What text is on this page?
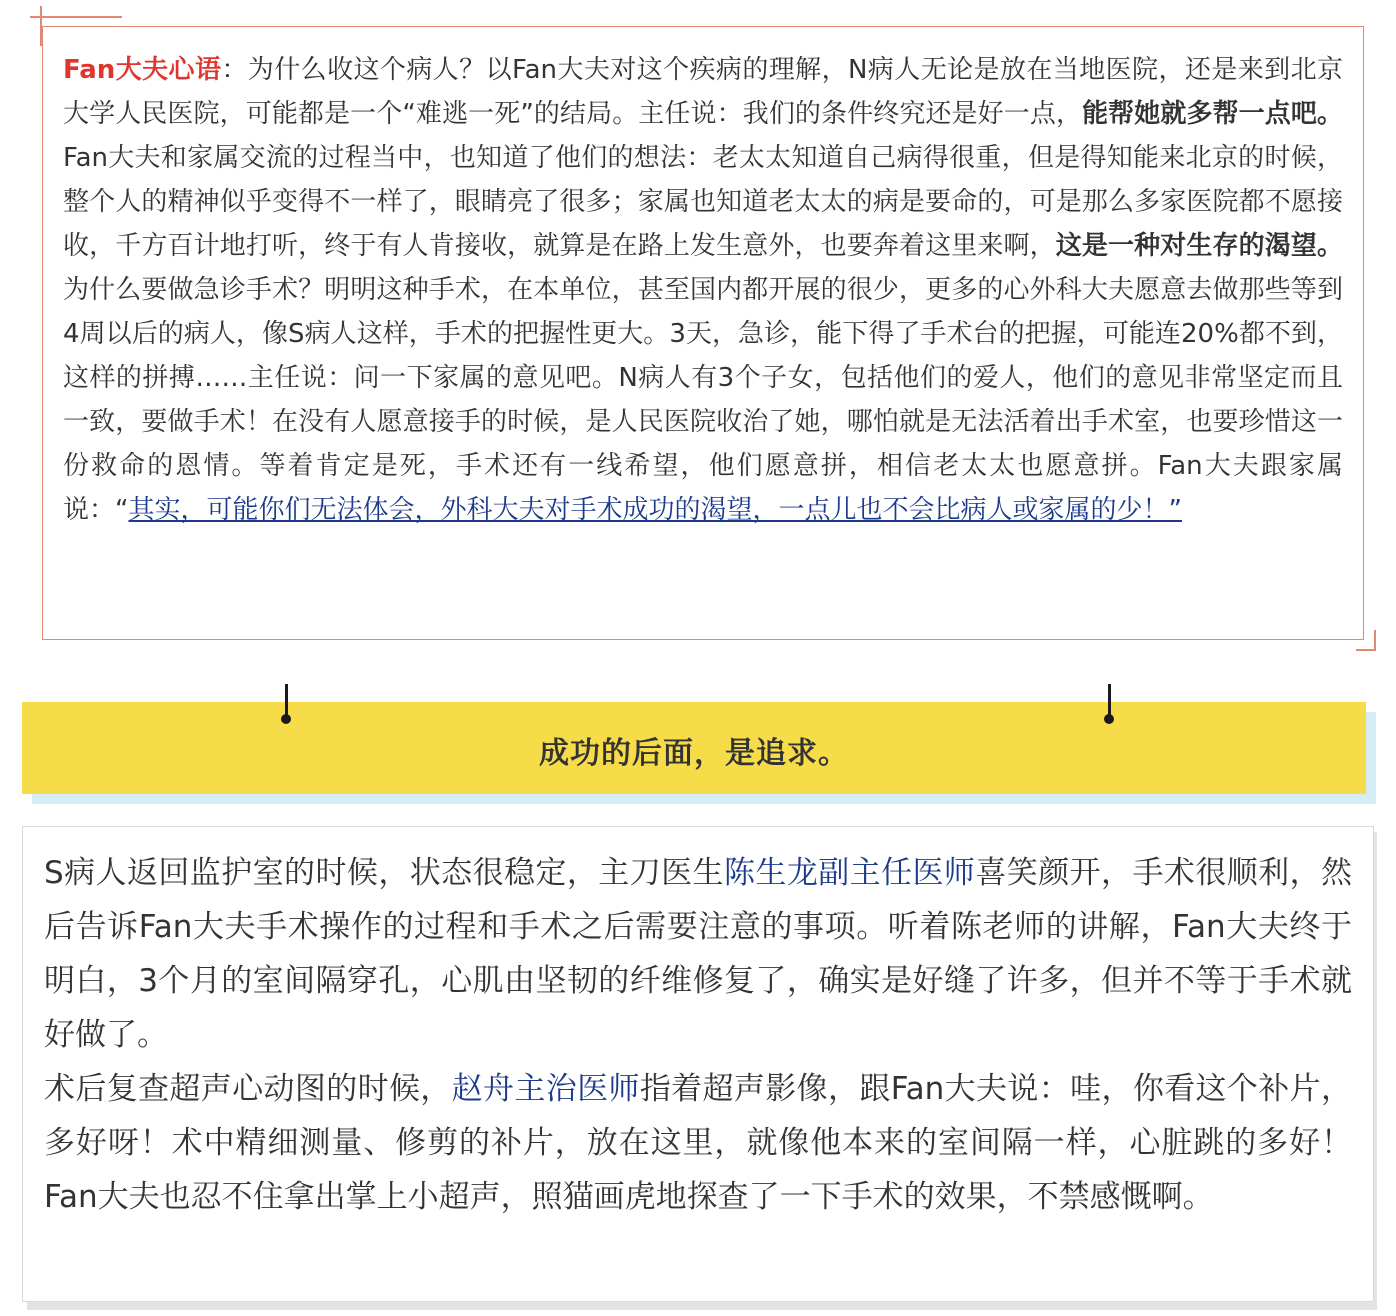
Fan大夫心语：为什么收这个病人？以Fan大夫对这个疾病的理解，N病人无论是放在当地医院，还是来到北京大学人民医院，可能都是一个“难逃一死”的结局。主任说：我们的条件终究还是好一点，能帮她就多帮一点吧。Fan大夫和家属交流的过程当中，也知道了他们的想法：老太太知道自己病得很重，但是得知能来北京的时候，整个人的精神似乎变得不一样了，眼睛亮了很多；家属也知道老太太的病是要命的，可是那么多家医院都不愿接收，千方百计地打听，终于有人肯接收，就算是在路上发生意外，也要奔着这里来啊，这是一种对生存的渴望。为什么要做急诊手术？明明这种手术，在本单位，甚至国内都开展的很少，更多的心外科大夫愿意去做那些等到4周以后的病人，像S病人这样，手术的把握性更大。3天，急诊，能下得了手术台的把握，可能连20%都不到，这样的拼搏……主任说：问一下家属的意见吧。N病人有3个子女，包括他们的爱人，他们的意见非常坚定而且一致，要做手术！在没有人愿意接手的时候，是人民医院收治了她，哪怕就是无法活着出手术室，也要珍惜这一份救命的恩情。等着肯定是死，手术还有一线希望，他们愿意拼，相信老太太也愿意拼。Fan大夫跟家属说：“其实，可能你们无法体会，外科大夫对手术成功的渴望，一点儿也不会比病人或家属的少！”

成功的后面，是追求。
S病人返回监护室的时候，状态很稳定，主刀医生陈生龙副主任医师喜笑颜开，手术很顺利，然后告诉Fan大夫手术操作的过程和手术之后需要注意的事项。听着陈老师的讲解，Fan大夫终于明白，3个月的室间隔穿孔，心肌由坚韧的纤维修复了，确实是好缝了许多，但并不等于手术就好做了。
术后复查超声心动图的时候，赵舟主治医师指着超声影像，跟Fan大夫说：哇，你看这个补片，多好呀！术中精细测量、修剪的补片，放在这里，就像他本来的室间隔一样，心脏跳的多好！Fan大夫也忍不住拿出掌上小超声，照猫画虎地探查了一下手术的效果，不禁感慨啊。
